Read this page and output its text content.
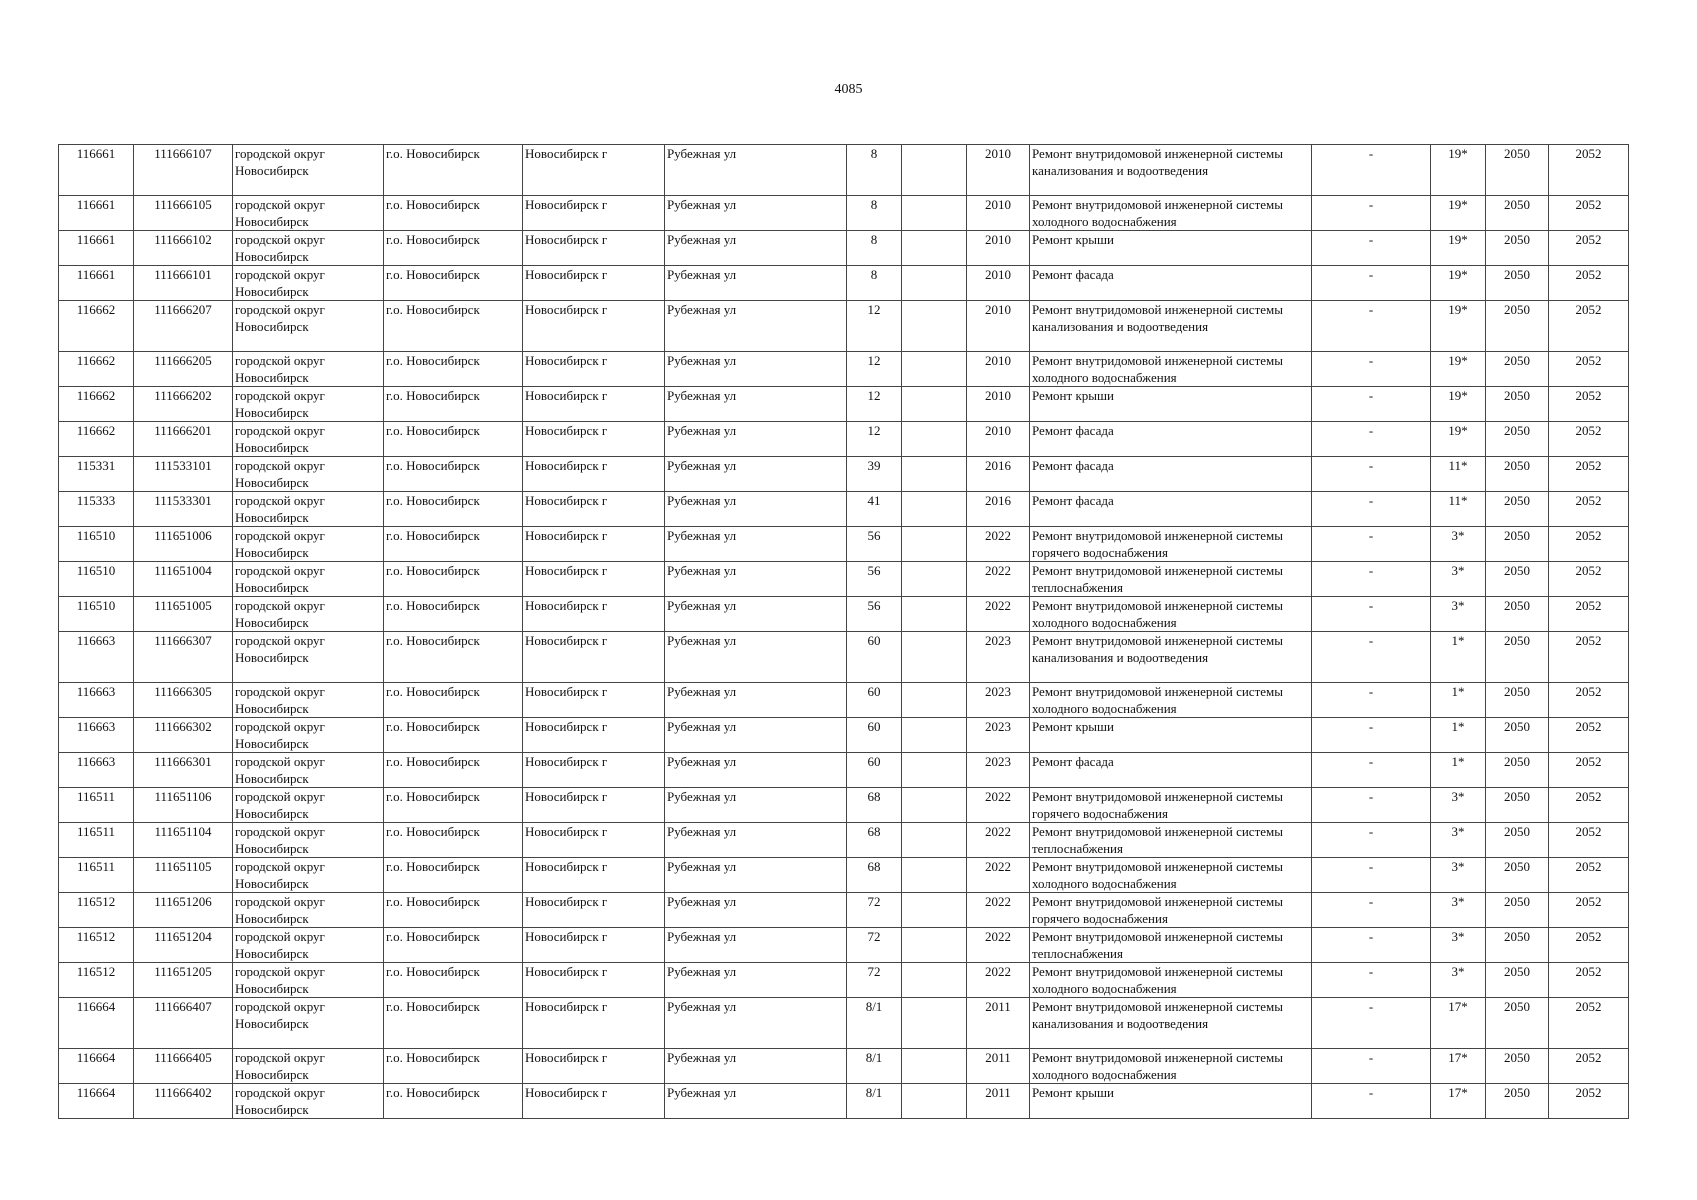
4085
116661	111666107	городской округ Новосибирск	г.о. Новосибирск	Новосибирск г	Рубежная ул	8		2010	Ремонт внутридомовой инженерной системы канализования и водоотведения	-	19*	2050	2052
116661	111666105	городской округ Новосибирск	г.о. Новосибирск	Новосибирск г	Рубежная ул	8		2010	Ремонт внутридомовой инженерной системы холодного водоснабжения	-	19*	2050	2052
116661	111666102	городской округ Новосибирск	г.о. Новосибирск	Новосибирск г	Рубежная ул	8		2010	Ремонт крыши	-	19*	2050	2052
116661	111666101	городской округ Новосибирск	г.о. Новосибирск	Новосибирск г	Рубежная ул	8		2010	Ремонт фасада	-	19*	2050	2052
116662	111666207	городской округ Новосибирск	г.о. Новосибирск	Новосибирск г	Рубежная ул	12		2010	Ремонт внутридомовой инженерной системы канализования и водоотведения	-	19*	2050	2052
116662	111666205	городской округ Новосибирск	г.о. Новосибирск	Новосибирск г	Рубежная ул	12		2010	Ремонт внутридомовой инженерной системы холодного водоснабжения	-	19*	2050	2052
116662	111666202	городской округ Новосибирск	г.о. Новосибирск	Новосибирск г	Рубежная ул	12		2010	Ремонт крыши	-	19*	2050	2052
116662	111666201	городской округ Новосибирск	г.о. Новосибирск	Новосибирск г	Рубежная ул	12		2010	Ремонт фасада	-	19*	2050	2052
115331	111533101	городской округ Новосибирск	г.о. Новосибирск	Новосибирск г	Рубежная ул	39		2016	Ремонт фасада	-	11*	2050	2052
115333	111533301	городской округ Новосибирск	г.о. Новосибирск	Новосибирск г	Рубежная ул	41		2016	Ремонт фасада	-	11*	2050	2052
116510	111651006	городской округ Новосибирск	г.о. Новосибирск	Новосибирск г	Рубежная ул	56		2022	Ремонт внутридомовой инженерной системы горячего водоснабжения	-	3*	2050	2052
116510	111651004	городской округ Новосибирск	г.о. Новосибирск	Новосибирск г	Рубежная ул	56		2022	Ремонт внутридомовой инженерной системы теплоснабжения	-	3*	2050	2052
116510	111651005	городской округ Новосибирск	г.о. Новосибирск	Новосибирск г	Рубежная ул	56		2022	Ремонт внутридомовой инженерной системы холодного водоснабжения	-	3*	2050	2052
116663	111666307	городской округ Новосибирск	г.о. Новосибирск	Новосибирск г	Рубежная ул	60		2023	Ремонт внутридомовой инженерной системы канализования и водоотведения	-	1*	2050	2052
116663	111666305	городской округ Новосибирск	г.о. Новосибирск	Новосибирск г	Рубежная ул	60		2023	Ремонт внутридомовой инженерной системы холодного водоснабжения	-	1*	2050	2052
116663	111666302	городской округ Новосибирск	г.о. Новосибирск	Новосибирск г	Рубежная ул	60		2023	Ремонт крыши	-	1*	2050	2052
116663	111666301	городской округ Новосибирск	г.о. Новосибирск	Новосибирск г	Рубежная ул	60		2023	Ремонт фасада	-	1*	2050	2052
116511	111651106	городской округ Новосибирск	г.о. Новосибирск	Новосибирск г	Рубежная ул	68		2022	Ремонт внутридомовой инженерной системы горячего водоснабжения	-	3*	2050	2052
116511	111651104	городской округ Новосибирск	г.о. Новосибирск	Новосибирск г	Рубежная ул	68		2022	Ремонт внутридомовой инженерной системы теплоснабжения	-	3*	2050	2052
116511	111651105	городской округ Новосибирск	г.о. Новосибирск	Новосибирск г	Рубежная ул	68		2022	Ремонт внутридомовой инженерной системы холодного водоснабжения	-	3*	2050	2052
116512	111651206	городской округ Новосибирск	г.о. Новосибирск	Новосибирск г	Рубежная ул	72		2022	Ремонт внутридомовой инженерной системы горячего водоснабжения	-	3*	2050	2052
116512	111651204	городской округ Новосибирск	г.о. Новосибирск	Новосибирск г	Рубежная ул	72		2022	Ремонт внутридомовой инженерной системы теплоснабжения	-	3*	2050	2052
116512	111651205	городской округ Новосибирск	г.о. Новосибирск	Новосибирск г	Рубежная ул	72		2022	Ремонт внутридомовой инженерной системы холодного водоснабжения	-	3*	2050	2052
116664	111666407	городской округ Новосибирск	г.о. Новосибирск	Новосибирск г	Рубежная ул	8/1		2011	Ремонт внутридомовой инженерной системы канализования и водоотведения	-	17*	2050	2052
116664	111666405	городской округ Новосибирск	г.о. Новосибирск	Новосибирск г	Рубежная ул	8/1		2011	Ремонт внутридомовой инженерной системы холодного водоснабжения	-	17*	2050	2052
116664	111666402	городской округ Новосибирск	г.о. Новосибирск	Новосибирск г	Рубежная ул	8/1		2011	Ремонт крыши	-	17*	2050	2052
